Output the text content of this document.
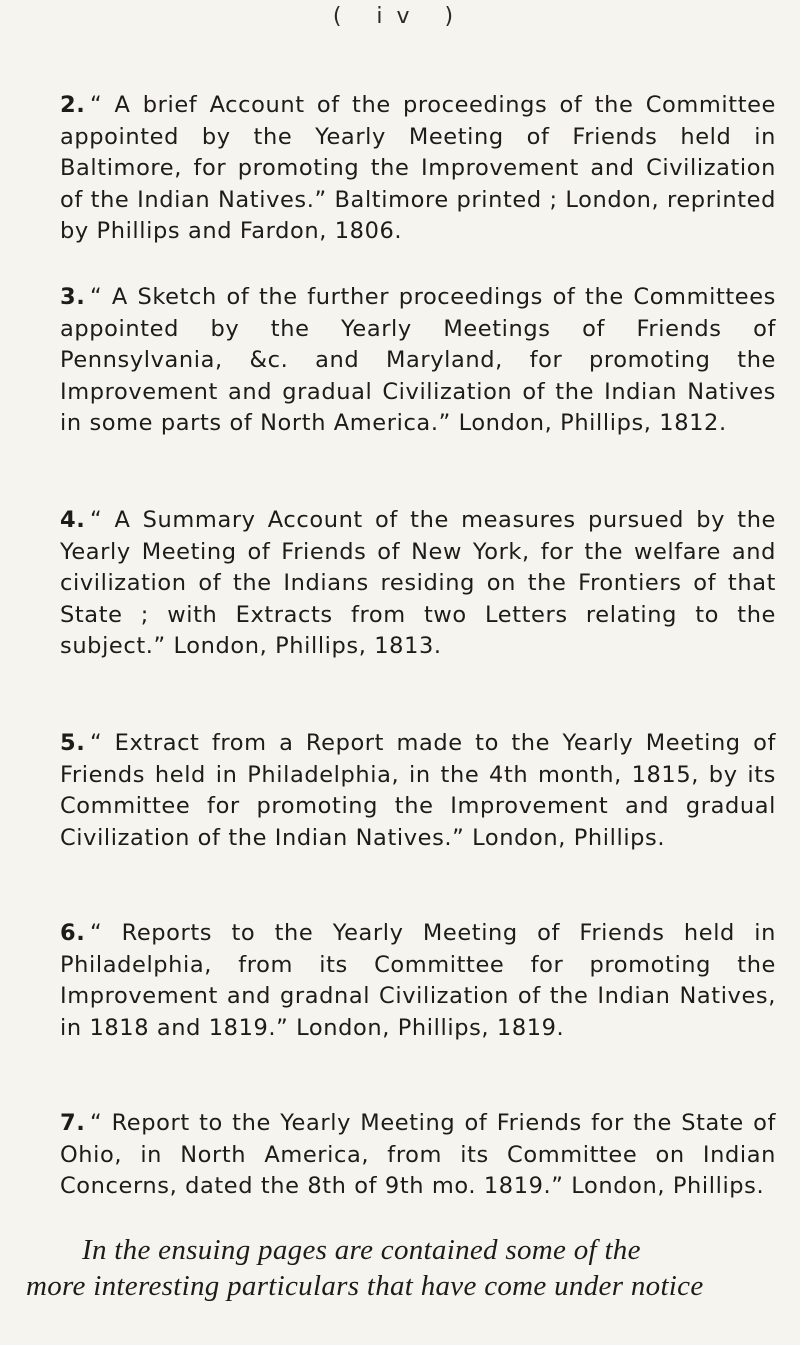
( iv )

2. “ A brief Account of the proceedings of the Committee appointed by the Yearly Meeting of Friends held in Baltimore, for promoting the Improvement and Civilization of the Indian Natives.” Baltimore printed ; London, reprinted by Phillips and Fardon, 1806.

3. “ A Sketch of the further proceedings of the Committees appointed by the Yearly Meetings of Friends of Pennsylvania, &c. and Maryland, for promoting the Improvement and gradual Civilization of the Indian Natives in some parts of North America.” London, Phillips, 1812.

4. “ A Summary Account of the measures pursued by the Yearly Meeting of Friends of New York, for the welfare and civilization of the Indians residing on the Frontiers of that State ; with Extracts from two Letters relating to the subject.” London, Phillips, 1813.

5. “ Extract from a Report made to the Yearly Meeting of Friends held in Philadelphia, in the 4th month, 1815, by its Committee for promoting the Improvement and gradual Civilization of the Indian Natives.” London, Phillips.

6. “ Reports to the Yearly Meeting of Friends held in Philadelphia, from its Committee for promoting the Improvement and gradnal Civilization of the Indian Natives, in 1818 and 1819.” London, Phillips, 1819.

7. “ Report to the Yearly Meeting of Friends for the State of Ohio, in North America, from its Committee on Indian Concerns, dated the 8th of 9th mo. 1819.” London, Phillips.

In the ensuing pages are contained some of the
more interesting particulars that have come under notice
